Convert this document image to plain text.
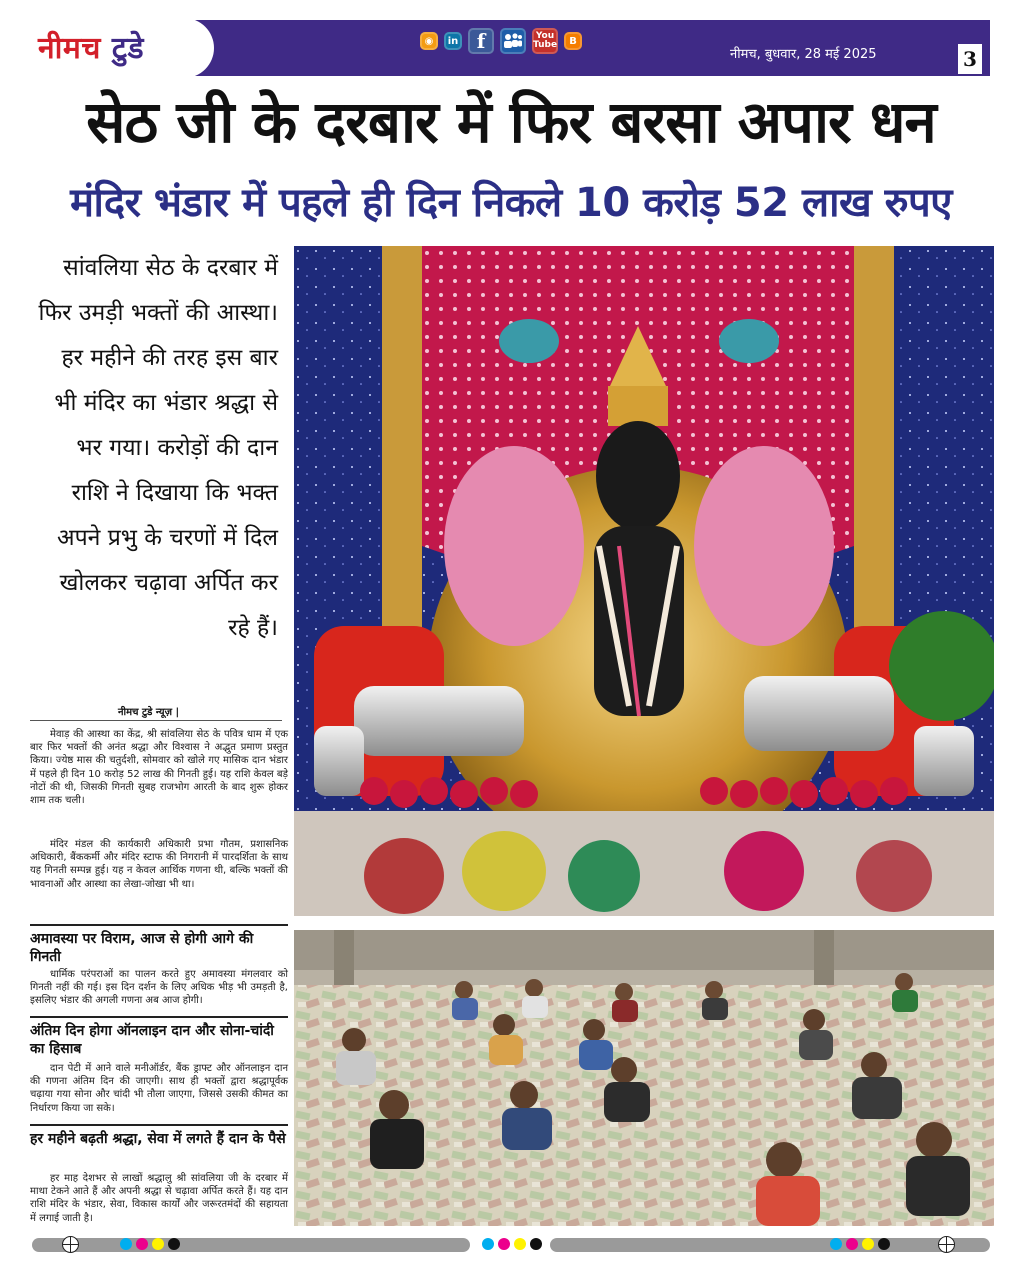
नीमच टुडे	◉	in f	You
Tube	B
नीमच, बुधवार, 28 मई 2025	3
सेठ जी के दरबार में फिर बरसा अपार धन
मंदिर भंडार में पहले ही दिन निकले 10 करोड़ 52 लाख रुपए
सांवलिया सेठ के दरबार में फिर उमड़ी भक्तों की आस्था। हर महीने की तरह इस बार भी मंदिर का भंडार श्रद्धा से भर गया। करोड़ों की दान राशि ने दिखाया कि भक्त अपने प्रभु के चरणों में दिल खोलकर चढ़ावा अर्पित कर रहे हैं।
नीमच टुडे न्यूज़ |
मेवाड़ की आस्था का केंद्र, श्री सांवलिया सेठ के पवित्र धाम में एक बार फिर भक्तों की अनंत श्रद्धा और विश्वास ने अद्भुत प्रमाण प्रस्तुत किया। ज्येष्ठ मास की चतुर्दशी, सोमवार को खोले गए मासिक दान भंडार में पहले ही दिन 10 करोड़ 52 लाख की गिनती हुई। यह राशि केवल बड़े नोटों की थी, जिसकी गिनती सुबह राजभोग आरती के बाद शुरू होकर शाम तक चली।
मंदिर मंडल की कार्यकारी अधिकारी प्रभा गौतम, प्रशासनिक अधिकारी, बैंककर्मी और मंदिर स्टाफ की निगरानी में पारदर्शिता के साथ यह गिनती सम्पन्न हुई। यह न केवल आर्थिक गणना थी, बल्कि भक्तों की भावनाओं और आस्था का लेखा-जोखा भी था।
अमावस्या पर विराम, आज से होगी आगे की गिनती
धार्मिक परंपराओं का पालन करते हुए अमावस्या मंगलवार को गिनती नहीं की गई। इस दिन दर्शन के लिए अधिक भीड़ भी उमड़ती है, इसलिए भंडार की अगली गणना अब आज होगी।
अंतिम दिन होगा ऑनलाइन दान और सोना-चांदी का हिसाब
दान पेटी में आने वाले मनीऑर्डर, बैंक ड्राफ्ट और ऑनलाइन दान की गणना अंतिम दिन की जाएगी। साथ ही भक्तों द्वारा श्रद्धापूर्वक चढ़ाया गया सोना और चांदी भी तौला जाएगा, जिससे उसकी कीमत का निर्धारण किया जा सके।
हर महीने बढ़ती श्रद्धा, सेवा में लगते हैं दान के पैसे
हर माह देशभर से लाखों श्रद्धालु श्री सांवलिया जी के दरबार में माथा टेकने आते हैं और अपनी श्रद्धा से चढ़ावा अर्पित करते हैं। यह दान राशि मंदिर के भंडार, सेवा, विकास कार्यों और जरूरतमंदों की सहायता में लगाई जाती है।
